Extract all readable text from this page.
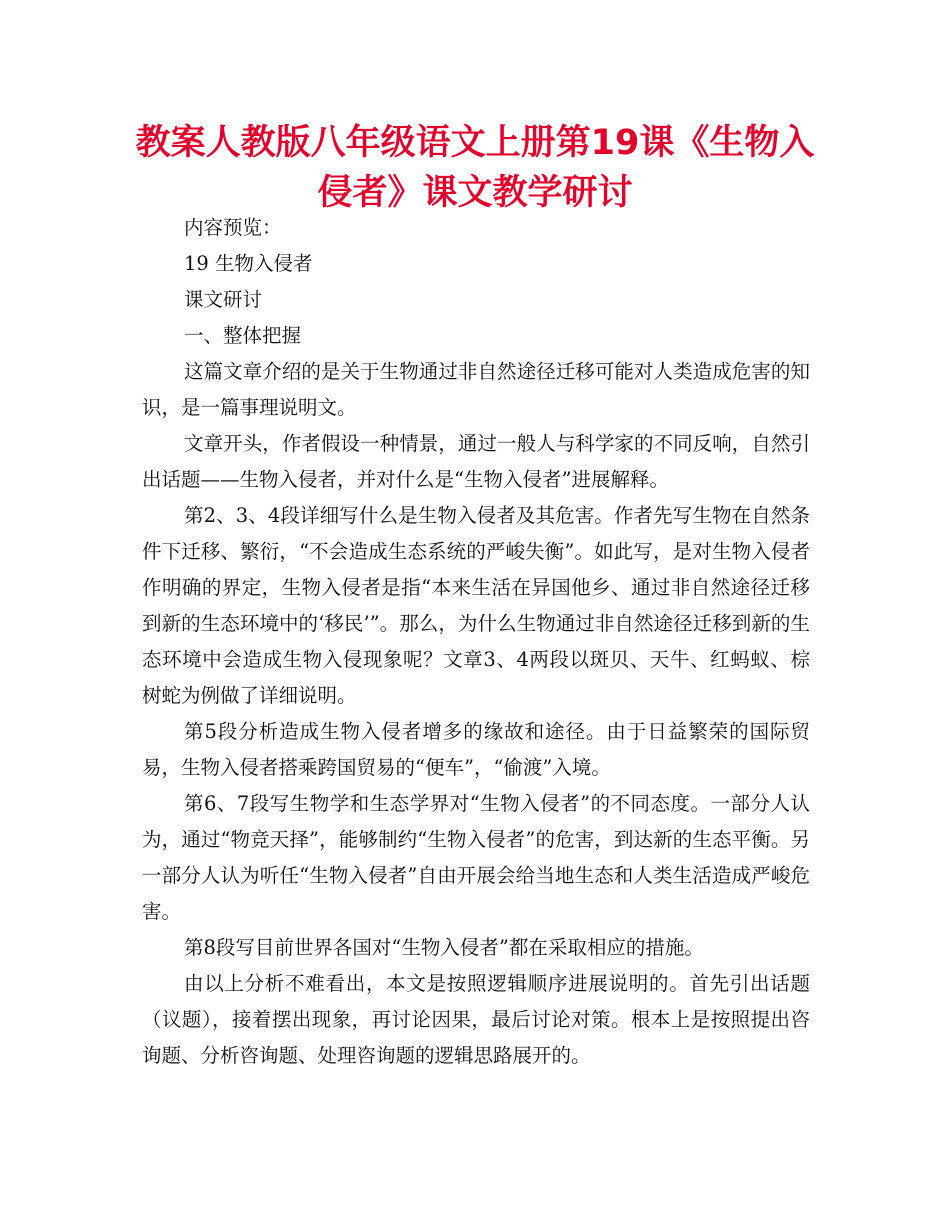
教案人教版八年级语文上册第19课《生物入侵者》课文教学研讨

内容预览：

19 生物入侵者

课文研讨

一、整体把握

这篇文章介绍的是关于生物通过非自然途径迁移可能对人类造成危害的知识，是一篇事理说明文。

文章开头，作者假设一种情景，通过一般人与科学家的不同反响，自然引出话题——生物入侵者，并对什么是“生物入侵者”进展解释。

第2、3、4段详细写什么是生物入侵者及其危害。作者先写生物在自然条件下迁移、繁衍，“不会造成生态系统的严峻失衡”。如此写，是对生物入侵者作明确的界定，生物入侵者是指“本来生活在异国他乡、通过非自然途径迁移到新的生态环境中的‘移民’”。那么，为什么生物通过非自然途径迁移到新的生态环境中会造成生物入侵现象呢？文章3、4两段以斑贝、天牛、红蚂蚁、棕树蛇为例做了详细说明。

第5段分析造成生物入侵者增多的缘故和途径。由于日益繁荣的国际贸易，生物入侵者搭乘跨国贸易的“便车”，“偷渡”入境。

第6、7段写生物学和生态学界对“生物入侵者”的不同态度。一部分人认为，通过“物竞天择”，能够制约“生物入侵者”的危害，到达新的生态平衡。另一部分人认为听任“生物入侵者”自由开展会给当地生态和人类生活造成严峻危害。

第8段写目前世界各国对“生物入侵者”都在采取相应的措施。

由以上分析不难看出，本文是按照逻辑顺序进展说明的。首先引出话题（议题），接着摆出现象，再讨论因果，最后讨论对策。根本上是按照提出咨询题、分析咨询题、处理咨询题的逻辑思路展开的。
